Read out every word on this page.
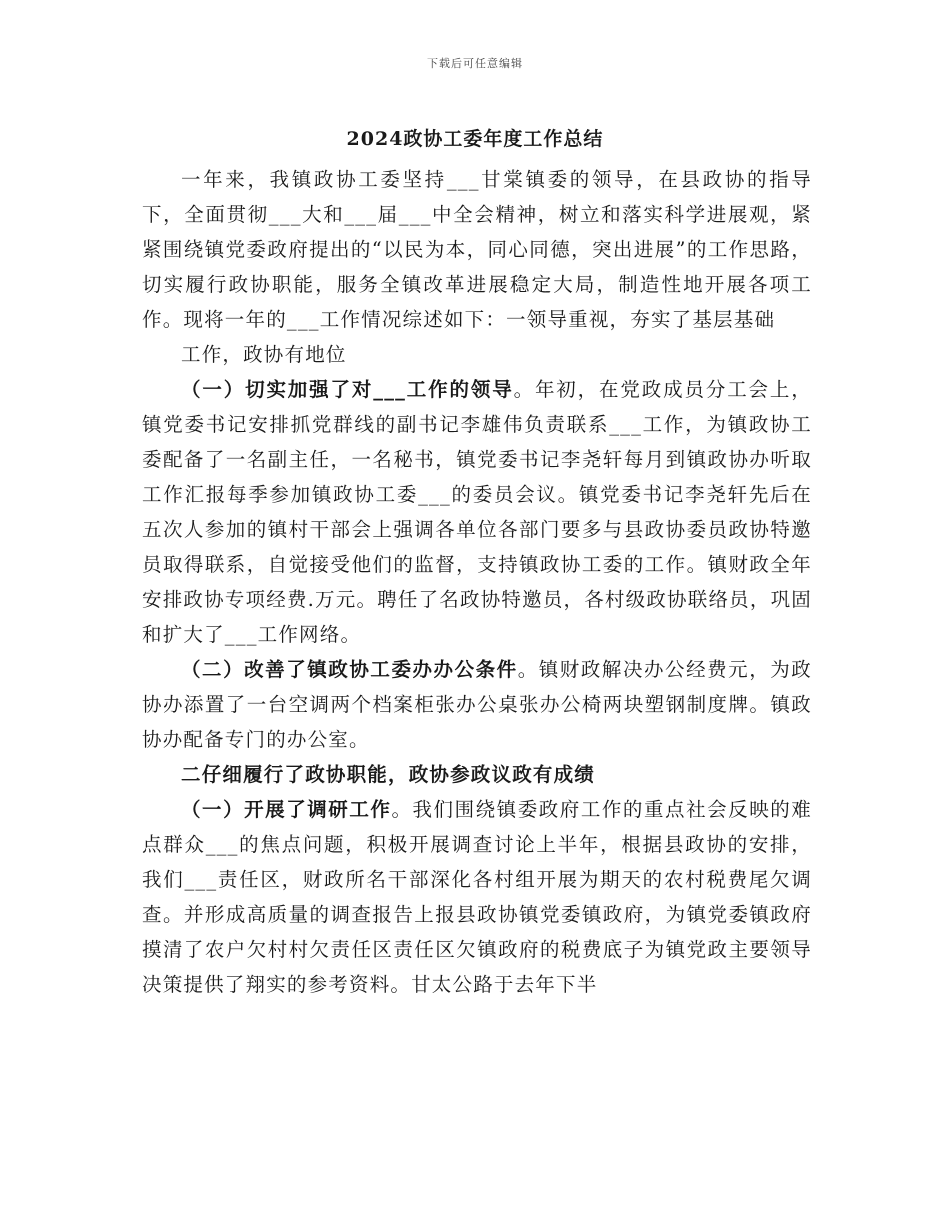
下载后可任意编辑
2024政协工委年度工作总结

一年来，我镇政协工委坚持___甘棠镇委的领导，在县政协的指导下，全面贯彻___大和___届___中全会精神，树立和落实科学进展观，紧紧围绕镇党委政府提出的“以民为本，同心同德，突出进展”的工作思路，切实履行政协职能，服务全镇改革进展稳定大局，制造性地开展各项工作。现将一年的___工作情况综述如下：一领导重视，夯实了基层基础

工作，政协有地位

（一）切实加强了对___工作的领导。年初，在党政成员分工会上，镇党委书记安排抓党群线的副书记李雄伟负责联系___工作，为镇政协工委配备了一名副主任，一名秘书，镇党委书记李尧轩每月到镇政协办听取工作汇报每季参加镇政协工委___的委员会议。镇党委书记李尧轩先后在五次人参加的镇村干部会上强调各单位各部门要多与县政协委员政协特邀员取得联系，自觉接受他们的监督，支持镇政协工委的工作。镇财政全年安排政协专项经费.万元。聘任了名政协特邀员，各村级政协联络员，巩固和扩大了___工作网络。

（二）改善了镇政协工委办办公条件。镇财政解决办公经费元，为政协办添置了一台空调两个档案柜张办公桌张办公椅两块塑钢制度牌。镇政协办配备专门的办公室。

二仔细履行了政协职能，政协参政议政有成绩

（一）开展了调研工作。我们围绕镇委政府工作的重点社会反映的难点群众___的焦点问题，积极开展调查讨论上半年，根据县政协的安排，我们___责任区，财政所名干部深化各村组开展为期天的农村税费尾欠调查。并形成高质量的调查报告上报县政协镇党委镇政府，为镇党委镇政府摸清了农户欠村村欠责任区责任区欠镇政府的税费底子为镇党政主要领导决策提供了翔实的参考资料。甘太公路于去年下半
